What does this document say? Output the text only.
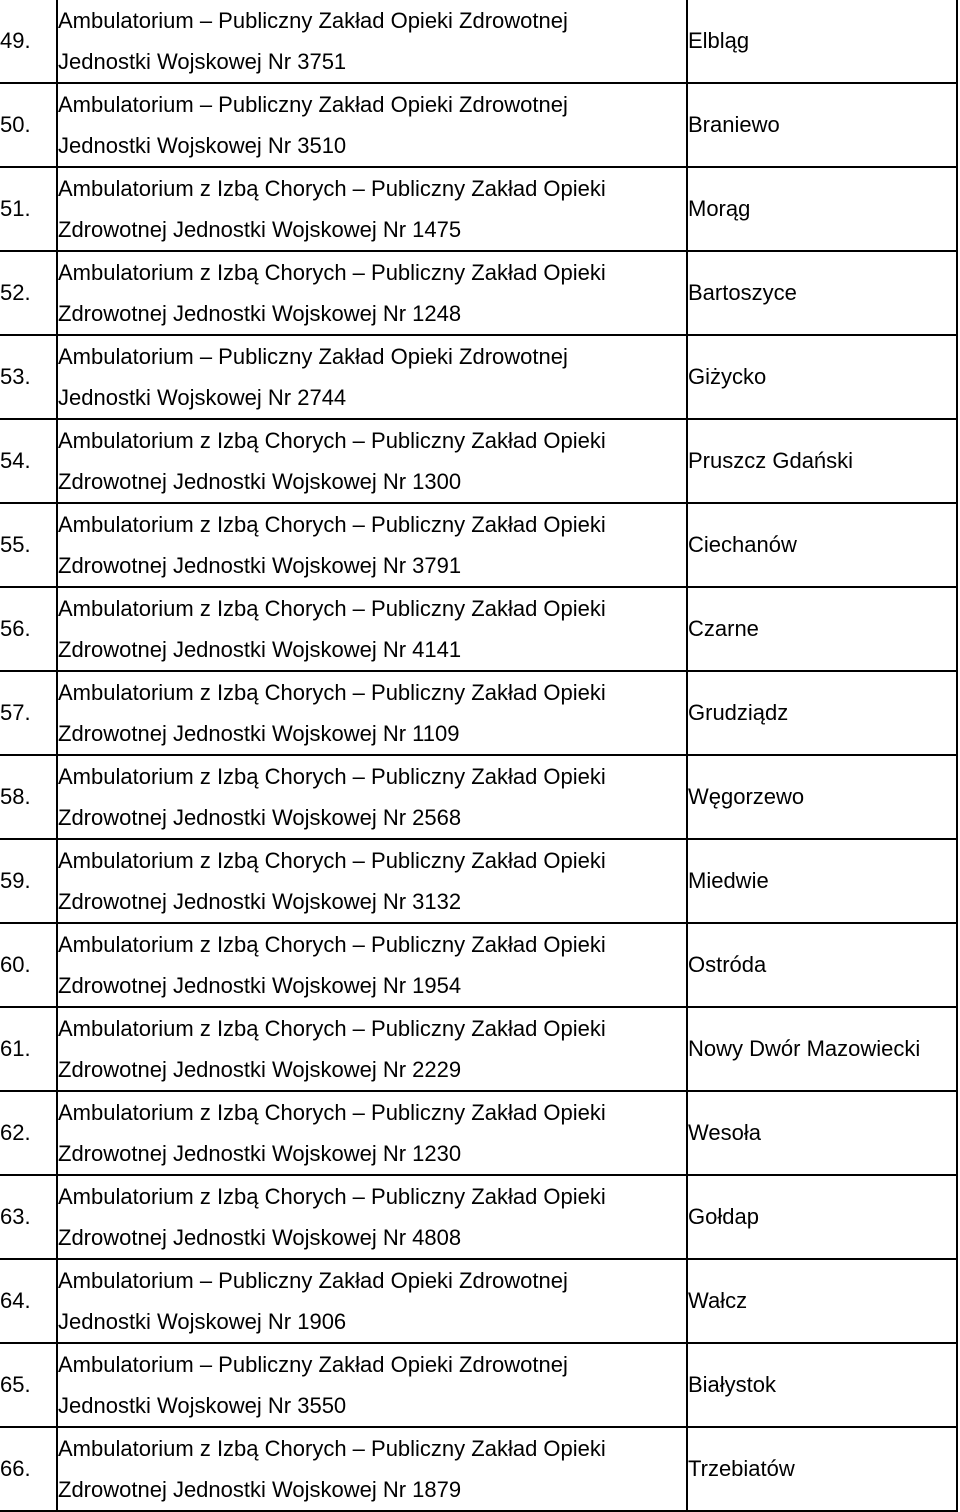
49.	Ambulatorium – Publiczny Zakład Opieki Zdrowotnej
Jednostki Wojskowej Nr 3751	Elbląg
50.	Ambulatorium – Publiczny Zakład Opieki Zdrowotnej
Jednostki Wojskowej Nr 3510	Braniewo
51.	Ambulatorium z Izbą Chorych – Publiczny Zakład Opieki
Zdrowotnej Jednostki Wojskowej Nr 1475	Morąg
52.	Ambulatorium z Izbą Chorych – Publiczny Zakład Opieki
Zdrowotnej Jednostki Wojskowej Nr 1248	Bartoszyce
53.	Ambulatorium – Publiczny Zakład Opieki Zdrowotnej
Jednostki Wojskowej Nr 2744	Giżycko
54.	Ambulatorium z Izbą Chorych – Publiczny Zakład Opieki
Zdrowotnej Jednostki Wojskowej Nr 1300	Pruszcz Gdański
55.	Ambulatorium z Izbą Chorych – Publiczny Zakład Opieki
Zdrowotnej Jednostki Wojskowej Nr 3791	Ciechanów
56.	Ambulatorium z Izbą Chorych – Publiczny Zakład Opieki
Zdrowotnej Jednostki Wojskowej Nr 4141	Czarne
57.	Ambulatorium z Izbą Chorych – Publiczny Zakład Opieki
Zdrowotnej Jednostki Wojskowej Nr 1109	Grudziądz
58.	Ambulatorium z Izbą Chorych – Publiczny Zakład Opieki
Zdrowotnej Jednostki Wojskowej Nr 2568	Węgorzewo
59.	Ambulatorium z Izbą Chorych – Publiczny Zakład Opieki
Zdrowotnej Jednostki Wojskowej Nr 3132	Miedwie
60.	Ambulatorium z Izbą Chorych – Publiczny Zakład Opieki
Zdrowotnej Jednostki Wojskowej Nr 1954	Ostróda
61.	Ambulatorium z Izbą Chorych – Publiczny Zakład Opieki
Zdrowotnej Jednostki Wojskowej Nr 2229	Nowy Dwór Mazowiecki
62.	Ambulatorium z Izbą Chorych – Publiczny Zakład Opieki
Zdrowotnej Jednostki Wojskowej Nr 1230	Wesoła
63.	Ambulatorium z Izbą Chorych – Publiczny Zakład Opieki
Zdrowotnej Jednostki Wojskowej Nr 4808	Gołdap
64.	Ambulatorium – Publiczny Zakład Opieki Zdrowotnej
Jednostki Wojskowej Nr 1906	Wałcz
65.	Ambulatorium – Publiczny Zakład Opieki Zdrowotnej
Jednostki Wojskowej Nr 3550	Białystok
66.	Ambulatorium z Izbą Chorych – Publiczny Zakład Opieki
Zdrowotnej Jednostki Wojskowej Nr 1879	Trzebiatów
